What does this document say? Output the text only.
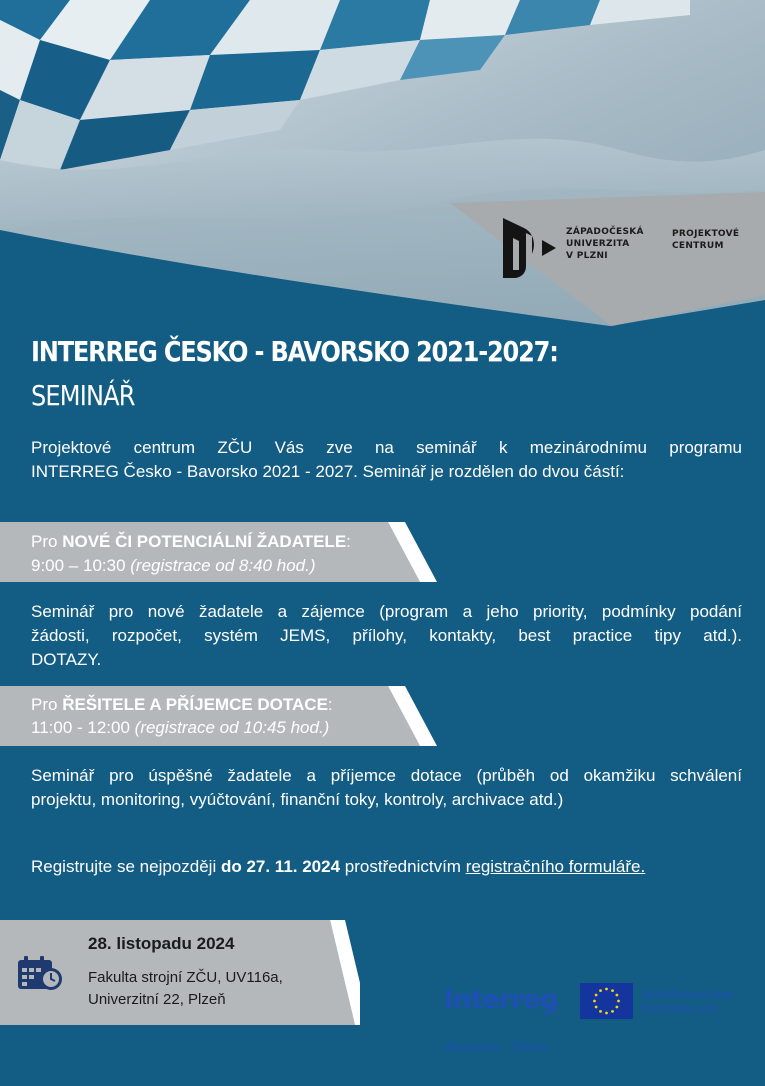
ZÁPADOČESKÁ
UNIVERZITA
V PLZNI
PROJEKTOVÉ
CENTRUM
INTERREG ČESKO - BAVORSKO 2021-2027:
SEMINÁŘ
Projektové centrum ZČU Vás zve na seminář k mezinárodnímu programu
INTERREG Česko - Bavorsko 2021 - 2027. Seminář je rozdělen do dvou částí:
Pro NOVÉ ČI POTENCIÁLNÍ ŽADATELE:
9:00 – 10:30 (registrace od 8:40 hod.)
Seminář pro nové žadatele a zájemce (program a jeho priority, podmínky podání
žádosti, rozpočet, systém JEMS, přílohy, kontakty, best practice tipy atd.).
DOTAZY.
Pro ŘEŠITELE A PŘÍJEMCE DOTACE:
11:00 - 12:00 (registrace od 10:45 hod.)
Seminář pro úspěšné žadatele a příjemce dotace (průběh od okamžiku schválení
projektu, monitoring, vyúčtování, finanční toky, kontroly, archivace atd.)
Registrujte se nejpozději do 27. 11. 2024 prostřednictvím registračního formuláře.
28. listopadu 2024
Fakulta strojní ZČU, UV116a,
Univerzitní 22, Plzeň	Interreg
Bavorsko - Česko
Spolufinancováno
Evropskou unií
